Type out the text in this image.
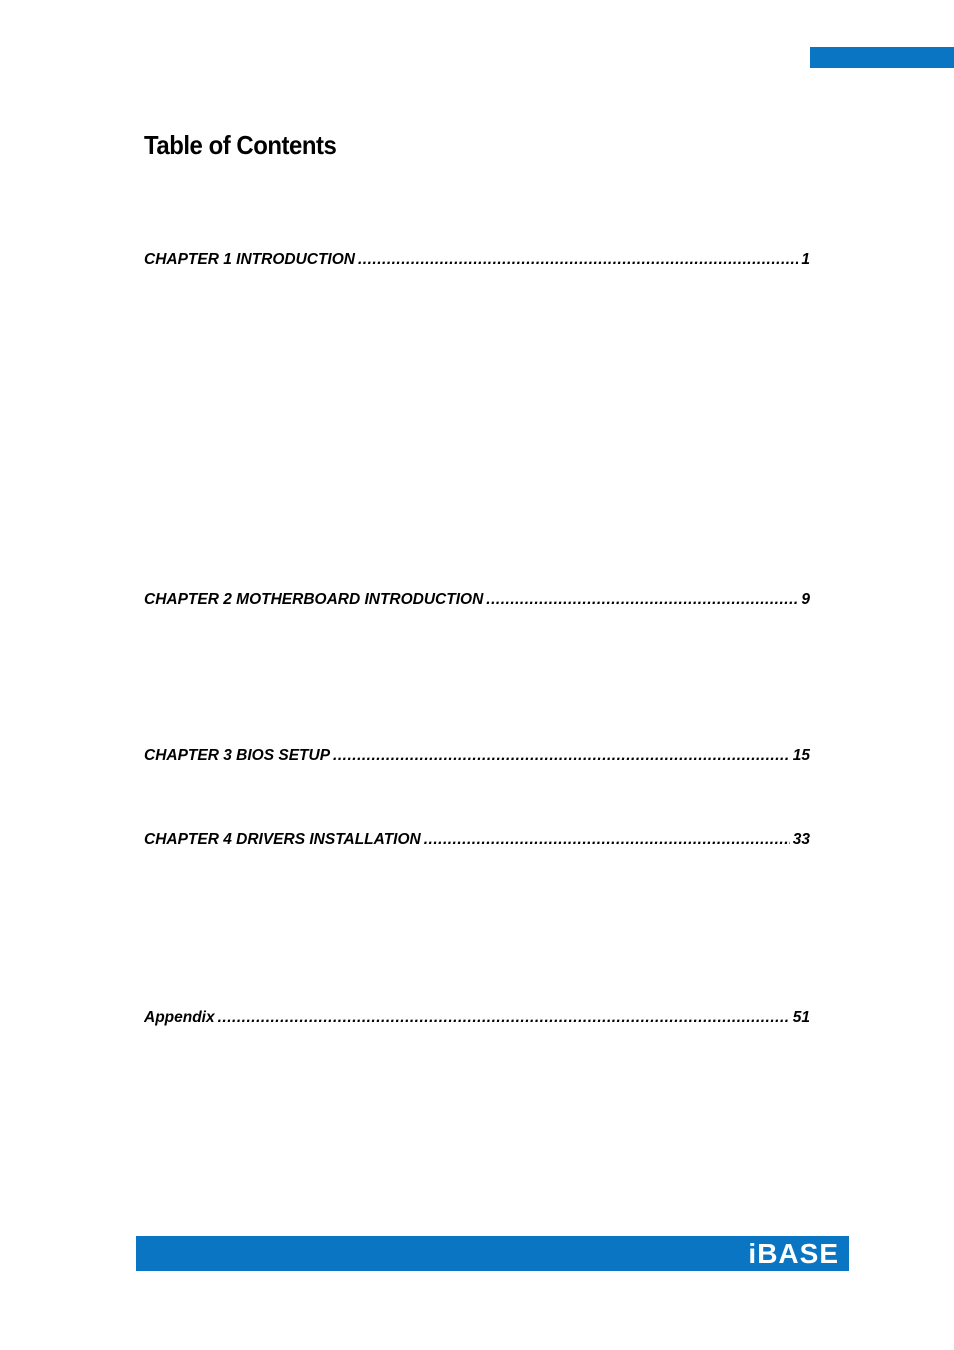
Table of Contents
CHAPTER 1 INTRODUCTION .....	1
CHAPTER 2 MOTHERBOARD INTRODUCTION .....	9
CHAPTER 3 BIOS SETUP .....	15
CHAPTER 4 DRIVERS INSTALLATION .....	33
Appendix .....	51
iBASE
